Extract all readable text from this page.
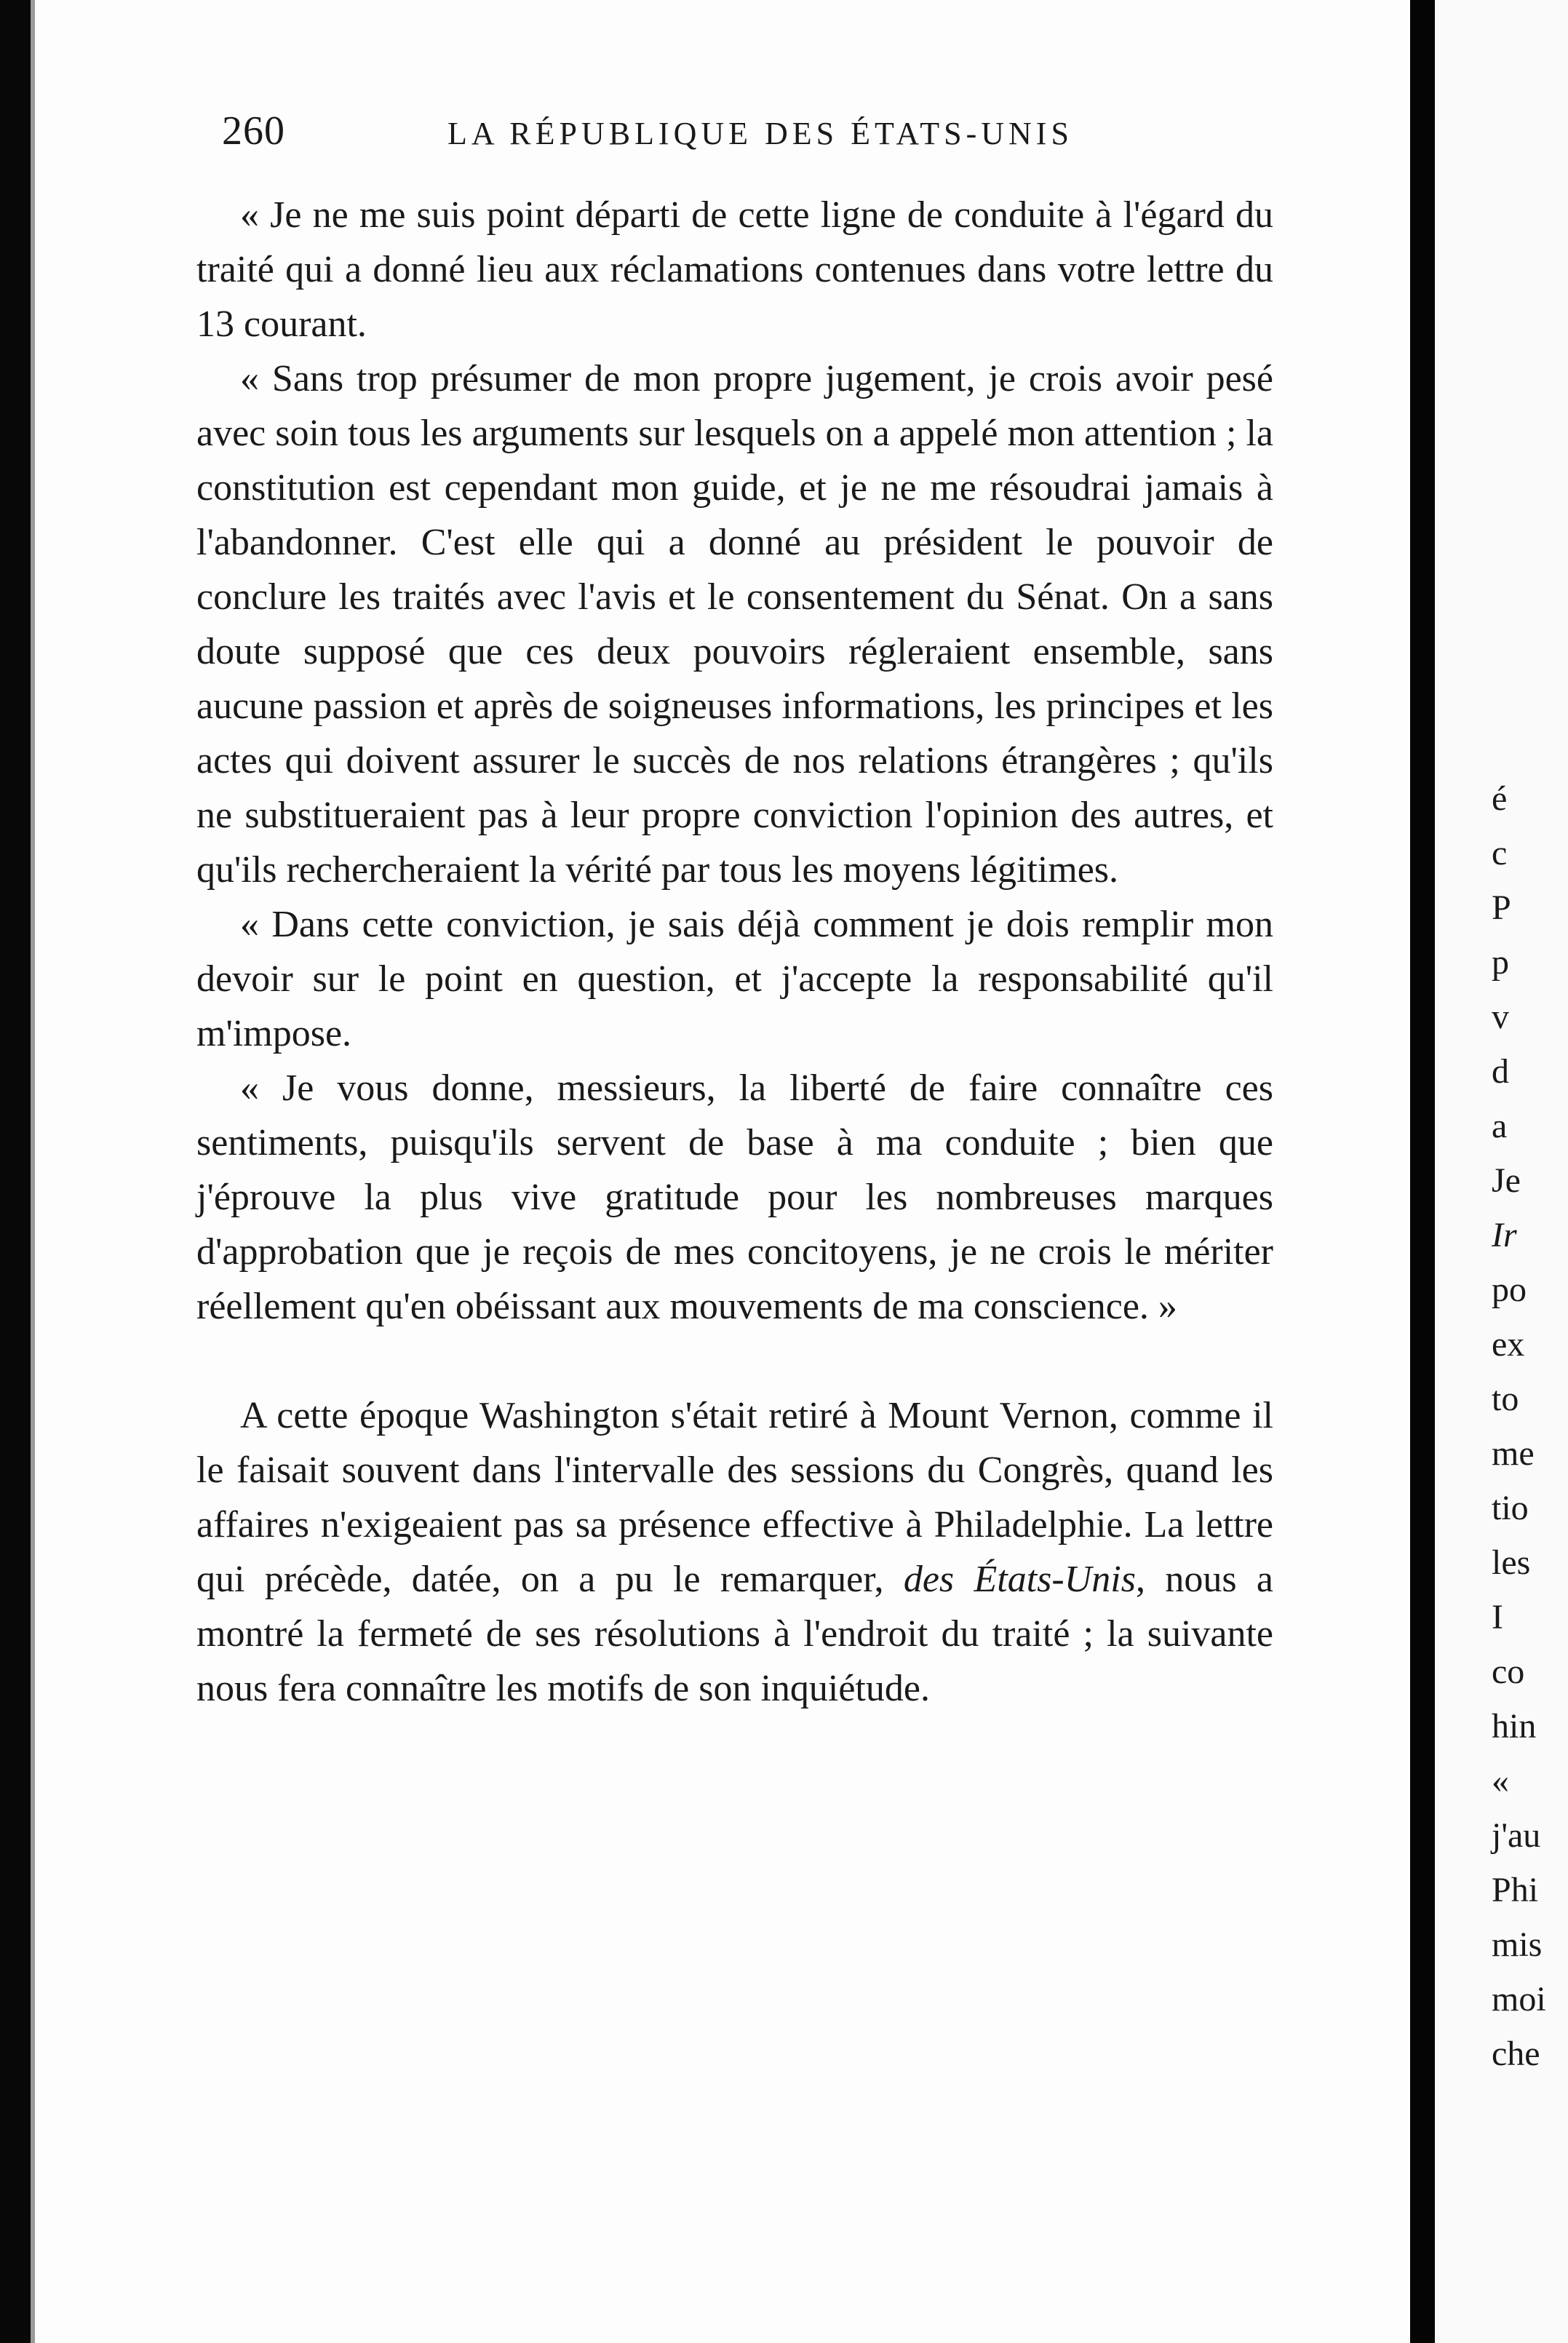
260	LA RÉPUBLIQUE DES ÉTATS-UNIS

« Je ne me suis point départi de cette ligne de conduite à l'égard du traité qui a donné lieu aux réclamations contenues dans votre lettre du 13 courant.

« Sans trop présumer de mon propre jugement, je crois avoir pesé avec soin tous les arguments sur lesquels on a appelé mon attention ; la constitution est cependant mon guide, et je ne me résoudrai jamais à l'abandonner. C'est elle qui a donné au président le pouvoir de conclure les traités avec l'avis et le consentement du Sénat. On a sans doute supposé que ces deux pouvoirs régleraient ensemble, sans aucune passion et après de soigneuses informations, les principes et les actes qui doivent assurer le succès de nos relations étrangères ; qu'ils ne substitueraient pas à leur propre conviction l'opinion des autres, et qu'ils rechercheraient la vérité par tous les moyens légitimes.

« Dans cette conviction, je sais déjà comment je dois remplir mon devoir sur le point en question, et j'accepte la responsabilité qu'il m'impose.

« Je vous donne, messieurs, la liberté de faire connaître ces sentiments, puisqu'ils servent de base à ma conduite ; bien que j'éprouve la plus vive gratitude pour les nombreuses marques d'approbation que je reçois de mes concitoyens, je ne crois le mériter réellement qu'en obéissant aux mouvements de ma conscience. »

A cette époque Washington s'était retiré à Mount Vernon, comme il le faisait souvent dans l'intervalle des sessions du Congrès, quand les affaires n'exigeaient pas sa présence effective à Philadelphie. La lettre qui précède, datée, on a pu le remarquer, des États-Unis, nous a montré la fermeté de ses résolutions à l'endroit du traité ; la suivante nous fera connaître les motifs de son inquiétude.

é
c
P
p
v
d
a
Je
Ir
po
ex
to
me
tio
les
I
co
hin
«
j'au
Phi
mis
moi
che
